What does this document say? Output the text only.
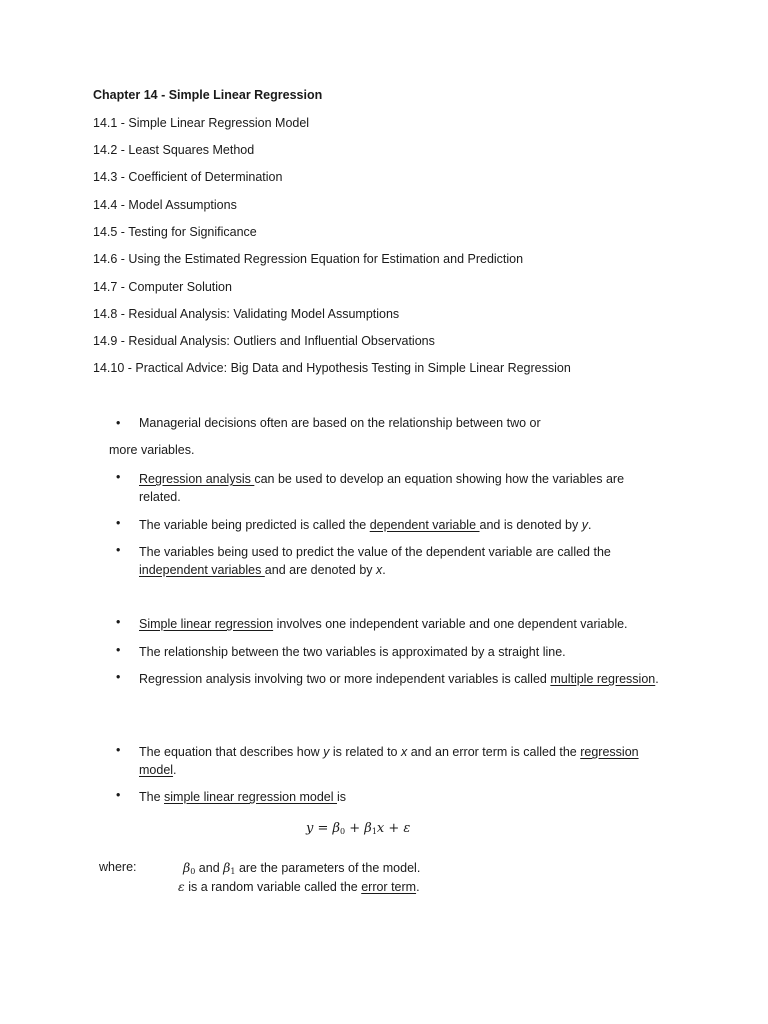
Chapter 14 - Simple Linear Regression
14.1 - Simple Linear Regression Model
14.2 - Least Squares Method
14.3 - Coefficient of Determination
14.4 - Model Assumptions
14.5 - Testing for Significance
14.6 - Using the Estimated Regression Equation for Estimation and Prediction
14.7 - Computer Solution
14.8 - Residual Analysis: Validating Model Assumptions
14.9 - Residual Analysis: Outliers and Influential Observations
14.10 - Practical Advice: Big Data and Hypothesis Testing in Simple Linear Regression
• Managerial decisions often are based on the relationship between two or
more variables.
• Regression analysis can be used to develop an equation showing how the variables are related.
• The variable being predicted is called the dependent variable and is denoted by y.
• The variables being used to predict the value of the dependent variable are called the independent variables and are denoted by x.
• Simple linear regression involves one independent variable and one dependent variable.
• The relationship between the two variables is approximated by a straight line.
• Regression analysis involving two or more independent variables is called multiple regression.
• The equation that describes how y is related to x and an error term is called the regression model.
• The simple linear regression model is
$y = \beta_0 + \beta_1x + \varepsilon$
where:	$\beta_0$ and $\beta_1$ are the parameters of the model.
ε is a random variable called the error term.
